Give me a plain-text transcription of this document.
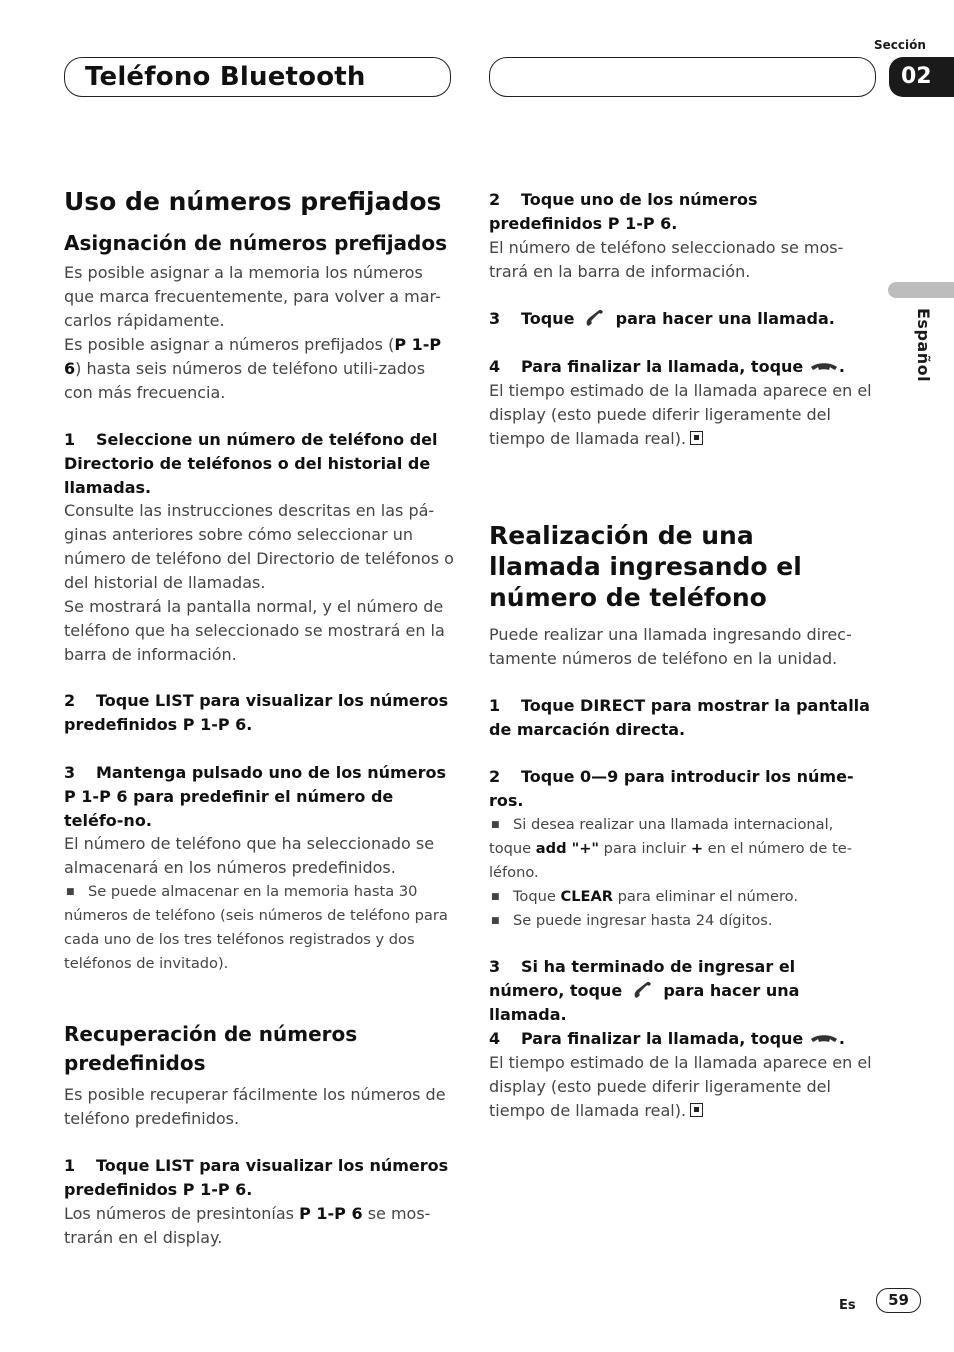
Teléfono Bluetooth
Sección
02
Español
Uso de números prefijados
Asignación de números prefijados
Es posible asignar a la memoria los números que marca frecuentemente, para volver a mar-carlos rápidamente.
Es posible asignar a números prefijados (P 1-P 6) hasta seis números de teléfono utili-zados con más frecuencia.
1 Seleccione un número de teléfono del Directorio de teléfonos o del historial de llamadas.
Consulte las instrucciones descritas en las pá-ginas anteriores sobre cómo seleccionar un número de teléfono del Directorio de teléfonos o del historial de llamadas.
Se mostrará la pantalla normal, y el número de teléfono que ha seleccionado se mostrará en la barra de información.
2 Toque LIST para visualizar los números predefinidos P 1-P 6.
3 Mantenga pulsado uno de los números P 1-P 6 para predefinir el número de teléfo-no.
El número de teléfono que ha seleccionado se almacenará en los números predefinidos.
■ Se puede almacenar en la memoria hasta 30 números de teléfono (seis números de teléfono para cada uno de los tres teléfonos registrados y dos teléfonos de invitado).
Recuperación de números predefinidos
Es posible recuperar fácilmente los números de teléfono predefinidos.
1 Toque LIST para visualizar los números predefinidos P 1-P 6.
Los números de presintonías P 1-P 6 se mos-trarán en el display.
2 Toque uno de los números predefinidos P 1-P 6.
El número de teléfono seleccionado se mos-trará en la barra de información.
3 Toque	para hacer una llamada.
4 Para finalizar la llamada, toque .
El tiempo estimado de la llamada aparece en el display (esto puede diferir ligeramente del tiempo de llamada real).
Realización de una llamada ingresando el número de teléfono
Puede realizar una llamada ingresando direc-tamente números de teléfono en la unidad.
1 Toque DIRECT para mostrar la pantalla de marcación directa.
2 Toque 0—9 para introducir los núme-ros.
■ Si desea realizar una llamada internacional, toque add "+" para incluir + en el número de te-léfono.
■ Toque CLEAR para eliminar el número.
■ Se puede ingresar hasta 24 dígitos.
3 Si ha terminado de ingresar el número, toque	para hacer una llamada.
4 Para finalizar la llamada, toque .
El tiempo estimado de la llamada aparece en el display (esto puede diferir ligeramente del tiempo de llamada real).
Es	59
